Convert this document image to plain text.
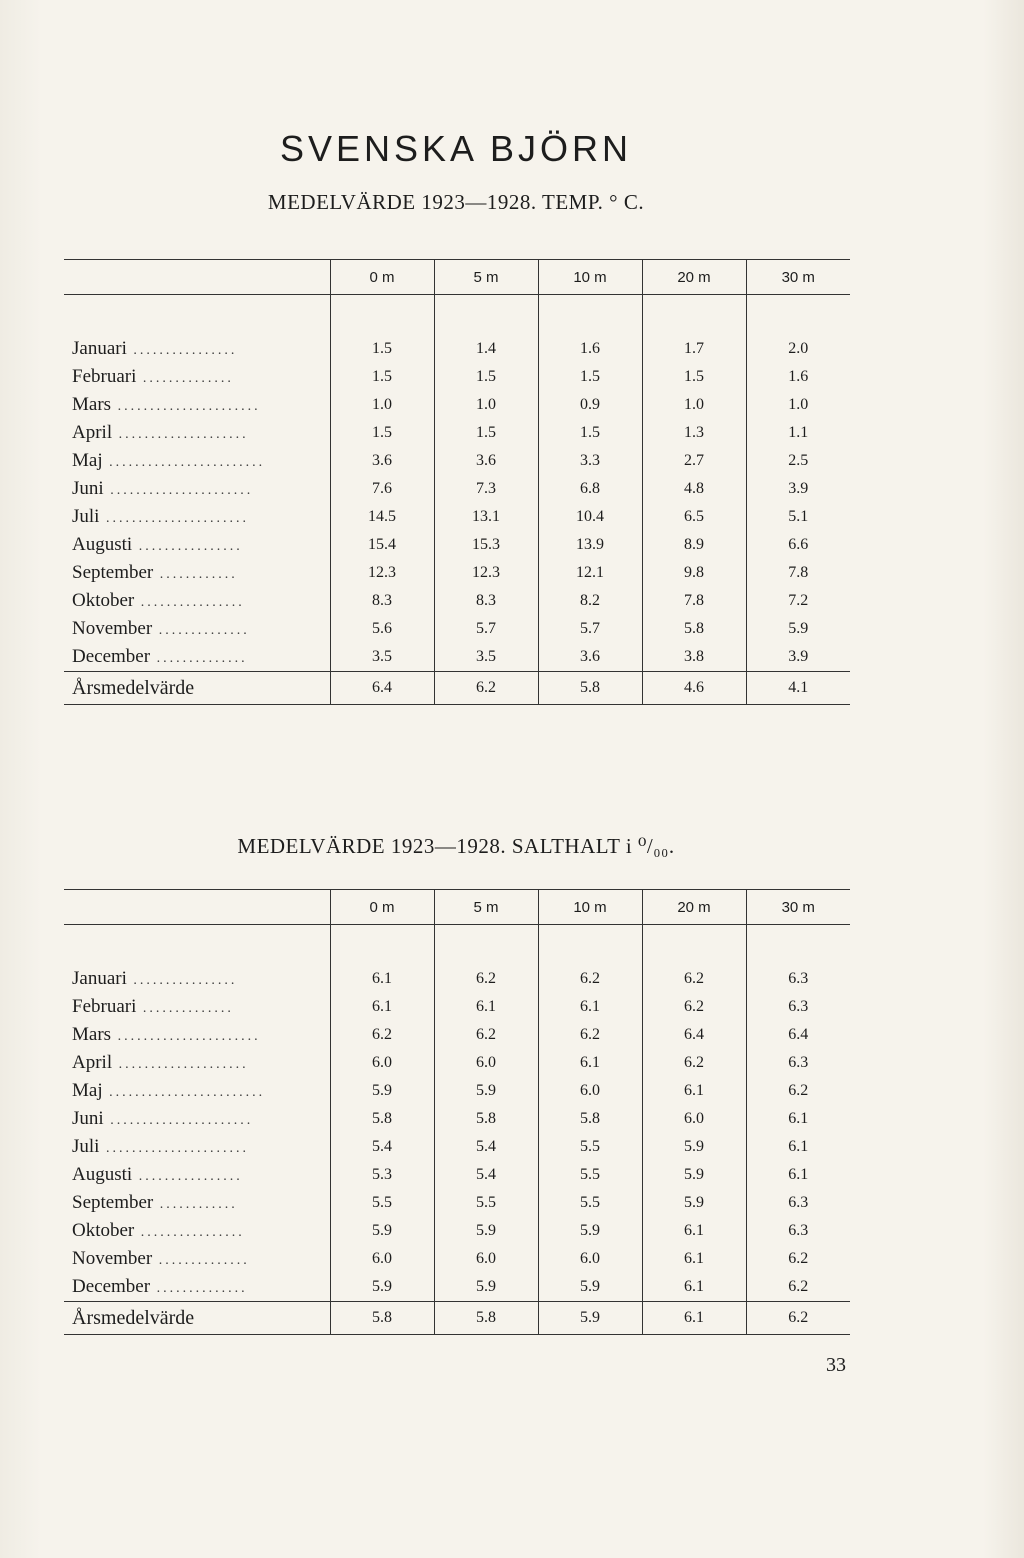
SVENSKA BJÖRN
MEDELVÄRDE 1923—1928. TEMP. ° C.
	0 m	5 m	10 m	20 m	30 m

Januari ................	1.5	1.4	1.6	1.7	2.0
Februari ..............	1.5	1.5	1.5	1.5	1.6
Mars ......................	1.0	1.0	0.9	1.0	1.0
April ....................	1.5	1.5	1.5	1.3	1.1
Maj ........................	3.6	3.6	3.3	2.7	2.5
Juni ......................	7.6	7.3	6.8	4.8	3.9
Juli ......................	14.5	13.1	10.4	6.5	5.1
Augusti ................	15.4	15.3	13.9	8.9	6.6
September ............	12.3	12.3	12.1	9.8	7.8
Oktober ................	8.3	8.3	8.2	7.8	7.2
November ..............	5.6	5.7	5.7	5.8	5.9
December ..............	3.5	3.5	3.6	3.8	3.9
Årsmedelvärde	6.4	6.2	5.8	4.6	4.1
MEDELVÄRDE 1923—1928. SALTHALT i ⁰/₀₀.
	0 m	5 m	10 m	20 m	30 m

Januari ................	6.1	6.2	6.2	6.2	6.3
Februari ..............	6.1	6.1	6.1	6.2	6.3
Mars ......................	6.2	6.2	6.2	6.4	6.4
April ....................	6.0	6.0	6.1	6.2	6.3
Maj ........................	5.9	5.9	6.0	6.1	6.2
Juni ......................	5.8	5.8	5.8	6.0	6.1
Juli ......................	5.4	5.4	5.5	5.9	6.1
Augusti ................	5.3	5.4	5.5	5.9	6.1
September ............	5.5	5.5	5.5	5.9	6.3
Oktober ................	5.9	5.9	5.9	6.1	6.3
November ..............	6.0	6.0	6.0	6.1	6.2
December ..............	5.9	5.9	5.9	6.1	6.2
Årsmedelvärde	5.8	5.8	5.9	6.1	6.2
33
